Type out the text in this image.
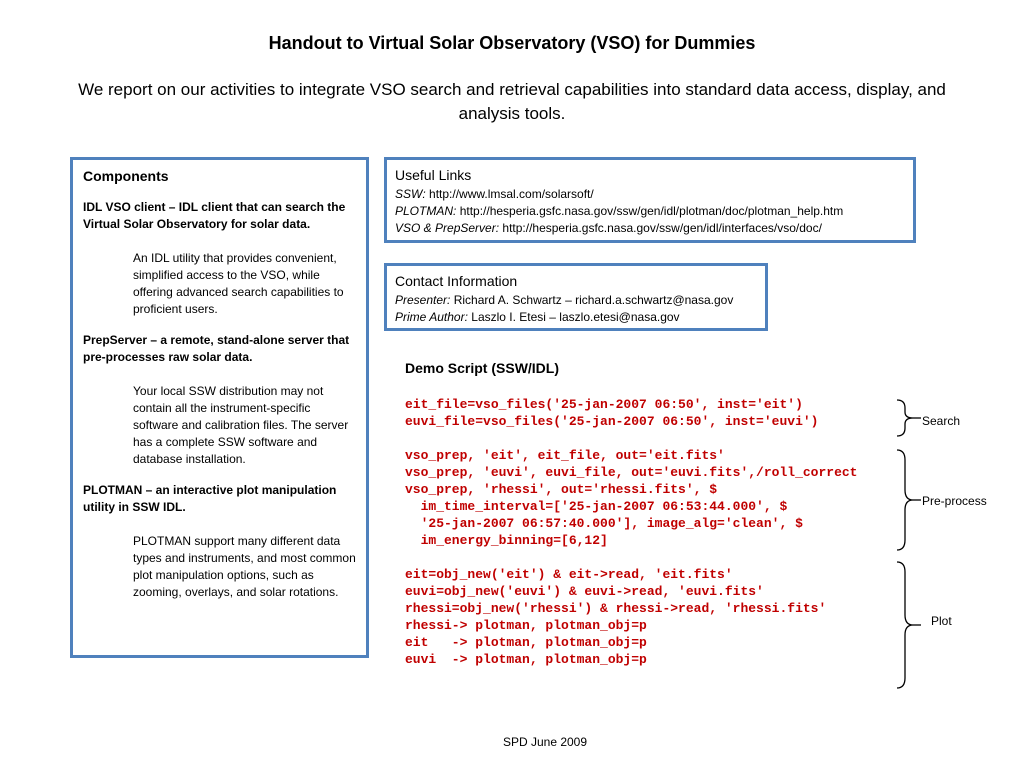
Handout to Virtual Solar Observatory (VSO) for Dummies
We report on our activities to integrate VSO search and retrieval capabilities into standard data access, display, and analysis tools.
Components
IDL VSO client – IDL client that can search the Virtual Solar Observatory for solar data.
An IDL utility that provides convenient, simplified access to the VSO, while offering advanced search capabilities to proficient users.
PrepServer – a remote, stand-alone server that pre-processes raw solar data.
Your local SSW distribution may not contain all the instrument-specific software and calibration files. The server has a complete SSW software and database installation.
PLOTMAN – an interactive plot manipulation utility in SSW IDL.
PLOTMAN support many different data types and instruments, and most common plot manipulation options, such as zooming, overlays, and solar rotations.
Useful Links
SSW: http://www.lmsal.com/solarsoft/
PLOTMAN: http://hesperia.gsfc.nasa.gov/ssw/gen/idl/plotman/doc/plotman_help.htm
VSO & PrepServer: http://hesperia.gsfc.nasa.gov/ssw/gen/idl/interfaces/vso/doc/
Contact Information
Presenter: Richard A. Schwartz – richard.a.schwartz@nasa.gov
Prime Author: Laszlo I. Etesi – laszlo.etesi@nasa.gov
Demo Script (SSW/IDL)
eit_file=vso_files('25-jan-2007 06:50', inst='eit')
euvi_file=vso_files('25-jan-2007 06:50', inst='euvi')
vso_prep, 'eit', eit_file, out='eit.fits'
vso_prep, 'euvi', euvi_file, out='euvi.fits',/roll_correct
vso_prep, 'rhessi', out='rhessi.fits', $
im_time_interval=['25-jan-2007 06:53:44.000', $
'25-jan-2007 06:57:40.000'], image_alg='clean', $
im_energy_binning=[6,12]
eit=obj_new('eit') & eit->read, 'eit.fits'
euvi=obj_new('euvi') & euvi->read, 'euvi.fits'
rhessi=obj_new('rhessi') & rhessi->read, 'rhessi.fits'
rhessi-> plotman, plotman_obj=p
eit   -> plotman, plotman_obj=p
euvi  -> plotman, plotman_obj=p
Search
Pre-process
Plot
SPD June 2009
